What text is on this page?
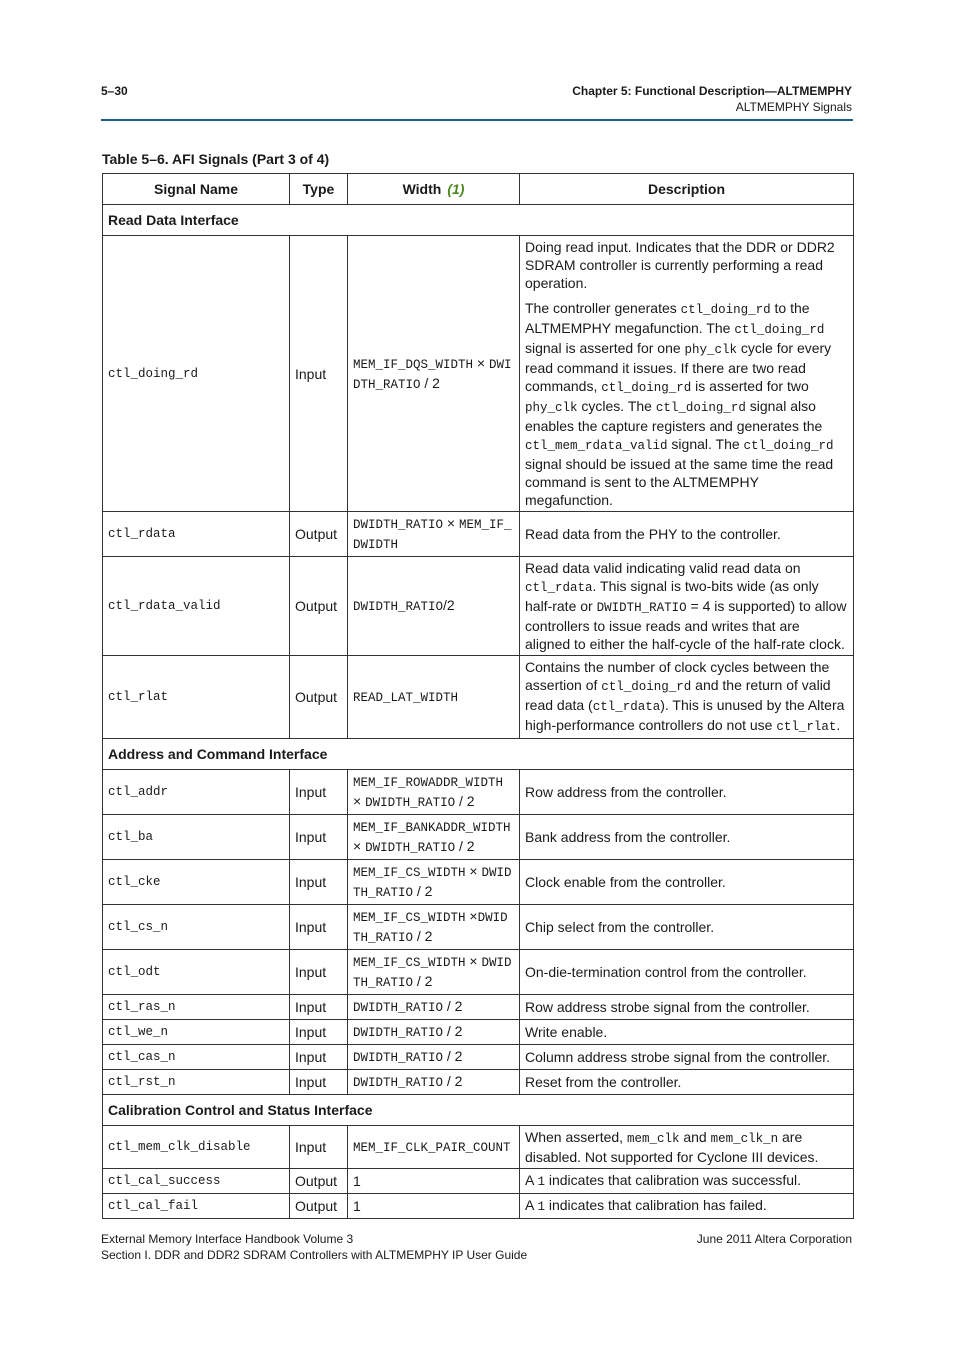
5–30	Chapter 5: Functional Description—ALTMEMPHY
ALTMEMPHY Signals
Table 5–6. AFI Signals (Part 3 of 4)
Signal Name	Type	Width (1)	Description
Read Data Interface			
ctl_doing_rd	Input	MEM_IF_DQS_WIDTH × DWIDTH_RATIO / 2	Doing read input. Indicates that the DDR or DDR2 SDRAM controller is currently performing a read operation.

The controller generates ctl_doing_rd to the ALTMEMPHY megafunction. The ctl_doing_rd signal is asserted for one phy_clk cycle for every read command it issues. If there are two read commands, ctl_doing_rd is asserted for two phy_clk cycles. The ctl_doing_rd signal also enables the capture registers and generates the ctl_mem_rdata_valid signal. The ctl_doing_rd signal should be issued at the same time the read command is sent to the ALTMEMPHY megafunction.

ctl_rdata	Output	DWIDTH_RATIO × MEM_IF_DWIDTH	Read data from the PHY to the controller.

ctl_rdata_valid	Output	DWIDTH_RATIO/2	Read data valid indicating valid read data on ctl_rdata. This signal is two-bits wide (as only half-rate or DWIDTH_RATIO = 4 is supported) to allow controllers to issue reads and writes that are aligned to either the half-cycle of the half-rate clock.

ctl_rlat	Output	READ_LAT_WIDTH	Contains the number of clock cycles between the assertion of ctl_doing_rd and the return of valid read data (ctl_rdata). This is unused by the Altera high-performance controllers do not use ctl_rlat.

Address and Command Interface			
ctl_addr	Input	MEM_IF_ROWADDR_WIDTH × DWIDTH_RATIO / 2	Row address from the controller.

ctl_ba	Input	MEM_IF_BANKADDR_WIDTH × DWIDTH_RATIO / 2	Bank address from the controller.

ctl_cke	Input	MEM_IF_CS_WIDTH × DWIDTH_RATIO / 2	Clock enable from the controller.

ctl_cs_n	Input	MEM_IF_CS_WIDTH ×DWIDTH_RATIO / 2	Chip select from the controller.

ctl_odt	Input	MEM_IF_CS_WIDTH × DWIDTH_RATIO / 2	On-die-termination control from the controller.

ctl_ras_n	Input	DWIDTH_RATIO / 2	Row address strobe signal from the controller.

ctl_we_n	Input	DWIDTH_RATIO / 2	Write enable.

ctl_cas_n	Input	DWIDTH_RATIO / 2	Column address strobe signal from the controller.

ctl_rst_n	Input	DWIDTH_RATIO / 2	Reset from the controller.

Calibration Control and Status Interface			
ctl_mem_clk_disable	Input	MEM_IF_CLK_PAIR_COUNT	When asserted, mem_clk and mem_clk_n are disabled. Not supported for Cyclone III devices.

ctl_cal_success	Output	1	A 1 indicates that calibration was successful.

ctl_cal_fail	Output	1	A 1 indicates that calibration has failed.

External Memory Interface Handbook Volume 3
Section I. DDR and DDR2 SDRAM Controllers with ALTMEMPHY IP User Guide
June 2011 Altera Corporation
